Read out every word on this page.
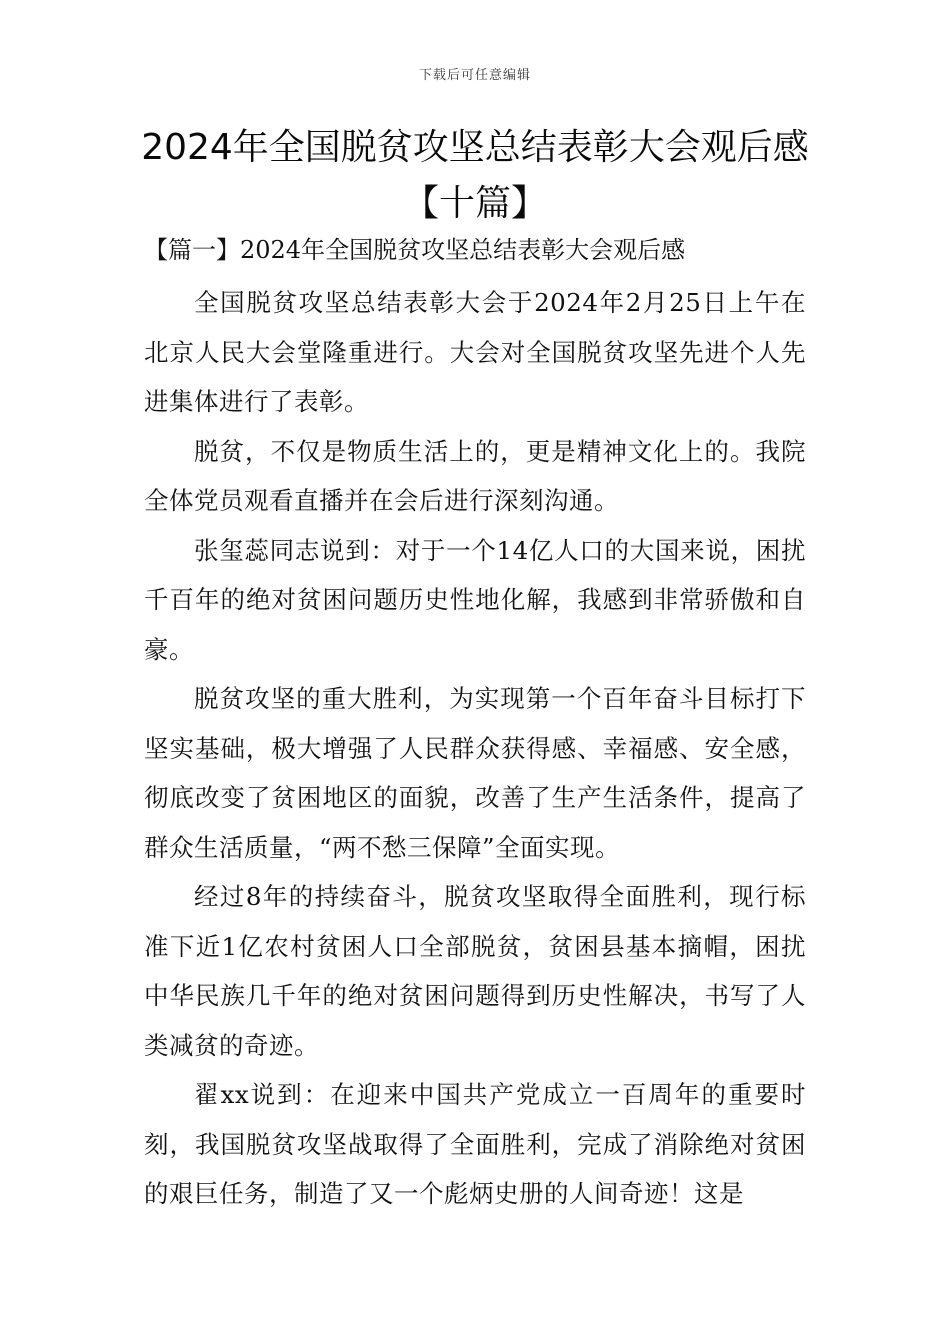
下载后可任意编辑
2024年全国脱贫攻坚总结表彰大会观后感【十篇】
【篇一】2024年全国脱贫攻坚总结表彰大会观后感

全国脱贫攻坚总结表彰大会于2024年2月25日上午在北京人民大会堂隆重进行。大会对全国脱贫攻坚先进个人先进集体进行了表彰。

脱贫，不仅是物质生活上的，更是精神文化上的。我院全体党员观看直播并在会后进行深刻沟通。

张玺蕊同志说到：对于一个14亿人口的大国来说，困扰千百年的绝对贫困问题历史性地化解，我感到非常骄傲和自豪。

脱贫攻坚的重大胜利，为实现第一个百年奋斗目标打下坚实基础，极大增强了人民群众获得感、幸福感、安全感，彻底改变了贫困地区的面貌，改善了生产生活条件，提高了群众生活质量，“两不愁三保障”全面实现。

经过8年的持续奋斗，脱贫攻坚取得全面胜利，现行标准下近1亿农村贫困人口全部脱贫，贫困县基本摘帽，困扰中华民族几千年的绝对贫困问题得到历史性解决，书写了人类减贫的奇迹。

翟xx说到：在迎来中国共产党成立一百周年的重要时刻，我国脱贫攻坚战取得了全面胜利，完成了消除绝对贫困的艰巨任务，制造了又一个彪炳史册的人间奇迹！这是
